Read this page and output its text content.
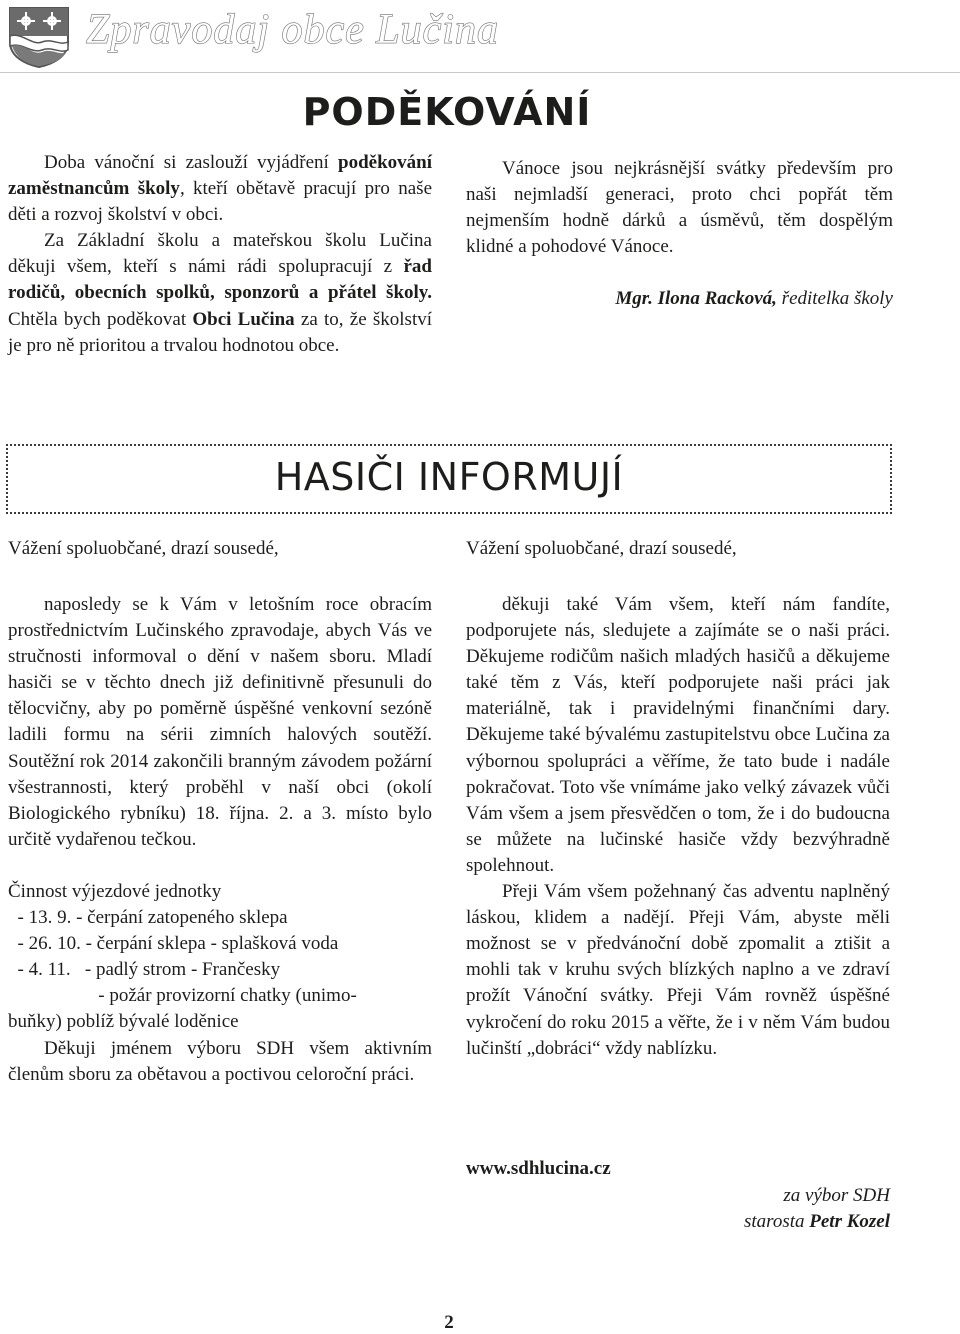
Zpravodaj obce Lučina
PODĚKOVÁNÍ

Doba vánoční si zaslouží vyjádření poděkování zaměstnancům školy, kteří obětavě pracují pro naše děti a rozvoj školství v obci.

Za Základní školu a mateřskou školu Lučina děkuji všem, kteří s námi rádi spolupracují z řad rodičů, obecních spolků, sponzorů a přátel školy. Chtěla bych poděkovat Obci Lučina za to, že školství je pro ně prioritou a trvalou hodnotou obce.

Vánoce jsou nejkrásnější svátky především pro naši nejmladší generaci, proto chci popřát těm nejmenším hodně dárků a úsměvů, těm dospělým klidné a pohodové Vánoce.

Mgr. Ilona Racková, ředitelka školy
HASIČI INFORMUJÍ
Vážení spoluobčané, drazí sousedé,	Vážení spoluobčané, drazí sousedé,

naposledy se k Vám v letošním roce obracím prostřednictvím Lučinského zpravodaje, abych Vás ve stručnosti informoval o dění v našem sboru. Mladí hasiči se v těchto dnech již definitivně přesunuli do tělocvičny, aby po poměrně úspěšné venkovní sezóně ladili formu na sérii zimních halových soutěží. Soutěžní rok 2014 zakončili branným závodem požární všestrannosti, který proběhl v naší obci (okolí Biologického rybníku) 18. října. 2. a 3. místo bylo určitě vydařenou tečkou.

Činnost výjezdové jednotky

- 13. 9. - čerpání zatopeného sklepa
- 26. 10. - čerpání sklepa - splašková voda
- 4. 11.   - padlý strom - Frančesky
- požár provizorní chatky (unimo-
buňky) poblíž bývalé loděnice

Děkuji jménem výboru SDH všem aktivním členům sboru za obětavou a poctivou celoroční práci.

děkuji také Vám všem, kteří nám fandíte, podporujete nás, sledujete a zajímáte se o naši práci. Děkujeme rodičům našich mladých hasičů a děkujeme také těm z Vás, kteří podporujete naši práci jak materiálně, tak i pravidelnými finančními dary. Děkujeme také bývalému zastupitelstvu obce Lučina za výbornou spolupráci a věříme, že tato bude i nadále pokračovat. Toto vše vnímáme jako velký závazek vůči Vám všem a jsem přesvědčen o tom, že i do budoucna se můžete na lučinské hasiče vždy bezvýhradně spolehnout.

Přeji Vám všem požehnaný čas adventu naplněný láskou, klidem a nadějí. Přeji Vám, abyste měli možnost se v předvánoční době zpomalit a ztišit a mohli tak v kruhu svých blízkých naplno a ve zdraví prožít Vánoční svátky. Přeji Vám rovněž úspěšné vykročení do roku 2015 a věřte, že i v něm Vám budou lučinští „dobráci“ vždy nablízku.

www.sdhlucina.cz
za výbor SDH
starosta Petr Kozel
2
